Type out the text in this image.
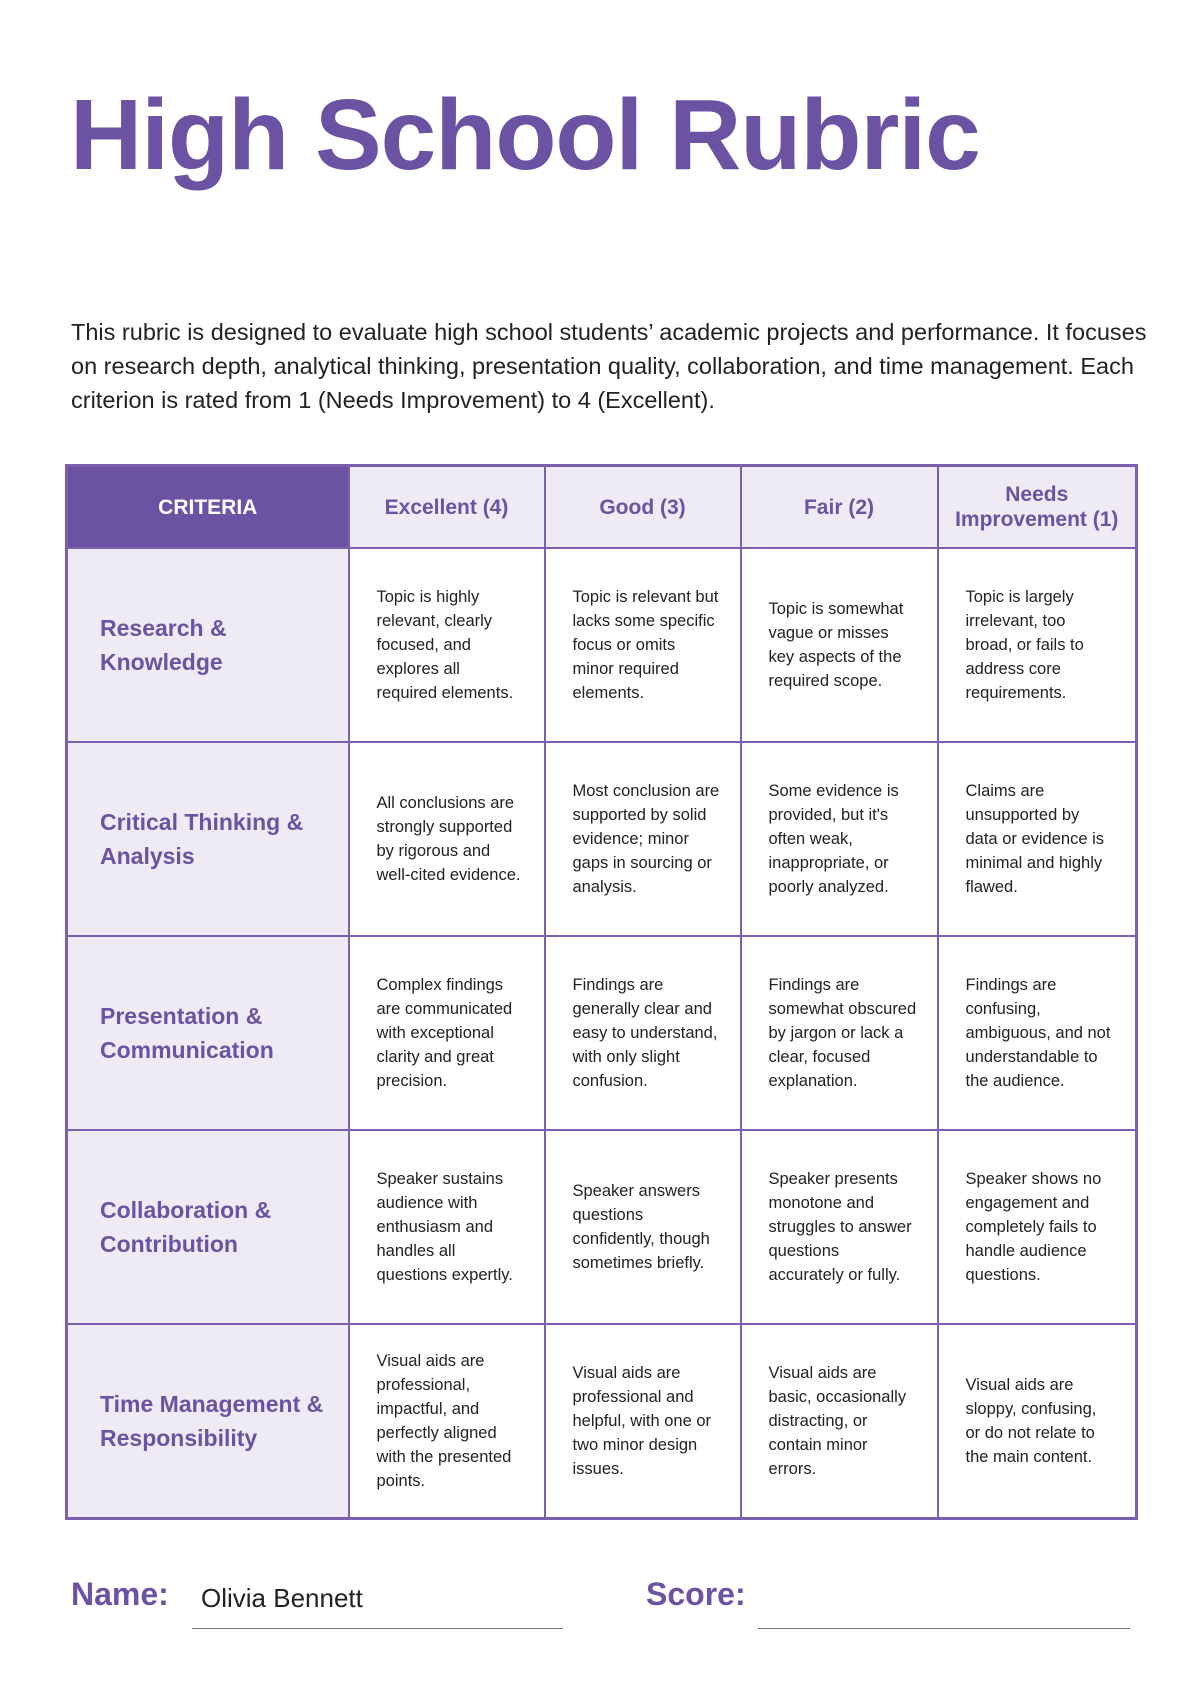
High School Rubric

This rubric is designed to evaluate high school students’ academic projects and performance. It focuses on research depth, analytical thinking, presentation quality, collaboration, and time management. Each criterion is rated from 1 (Needs Improvement) to 4 (Excellent).

CRITERIA	Excellent (4)	Good (3)	Fair (2)	Needs Improvement (1)
Research & Knowledge	Topic is highly relevant, clearly focused, and explores all required elements.	Topic is relevant but lacks some specific focus or omits minor required elements.	Topic is somewhat vague or misses key aspects of the required scope.	Topic is largely irrelevant, too broad, or fails to address core requirements.
Critical Thinking & Analysis	All conclusions are strongly supported by rigorous and well-cited evidence.	Most conclusion are supported by solid evidence; minor gaps in sourcing or analysis.	Some evidence is provided, but it's often weak, inappropriate, or poorly analyzed.	Claims are unsupported by data or evidence is minimal and highly flawed.
Presentation & Communication	Complex findings are communicated with exceptional clarity and great precision.	Findings are generally clear and easy to understand, with only slight confusion.	Findings are somewhat obscured by jargon or lack a clear, focused explanation.	Findings are confusing, ambiguous, and not understandable to the audience.
Collaboration & Contribution	Speaker sustains audience with enthusiasm and handles all questions expertly.	Speaker answers questions confidently, though sometimes briefly.	Speaker presents monotone and struggles to answer questions accurately or fully.	Speaker shows no engagement and completely fails to handle audience questions.
Time Management & Responsibility	Visual aids are professional, impactful, and perfectly aligned with the presented points.	Visual aids are professional and helpful, with one or two minor design issues.	Visual aids are basic, occasionally distracting, or contain minor errors.	Visual aids are sloppy, confusing, or do not relate to the main content.
Name: Olivia Bennett	Score:
